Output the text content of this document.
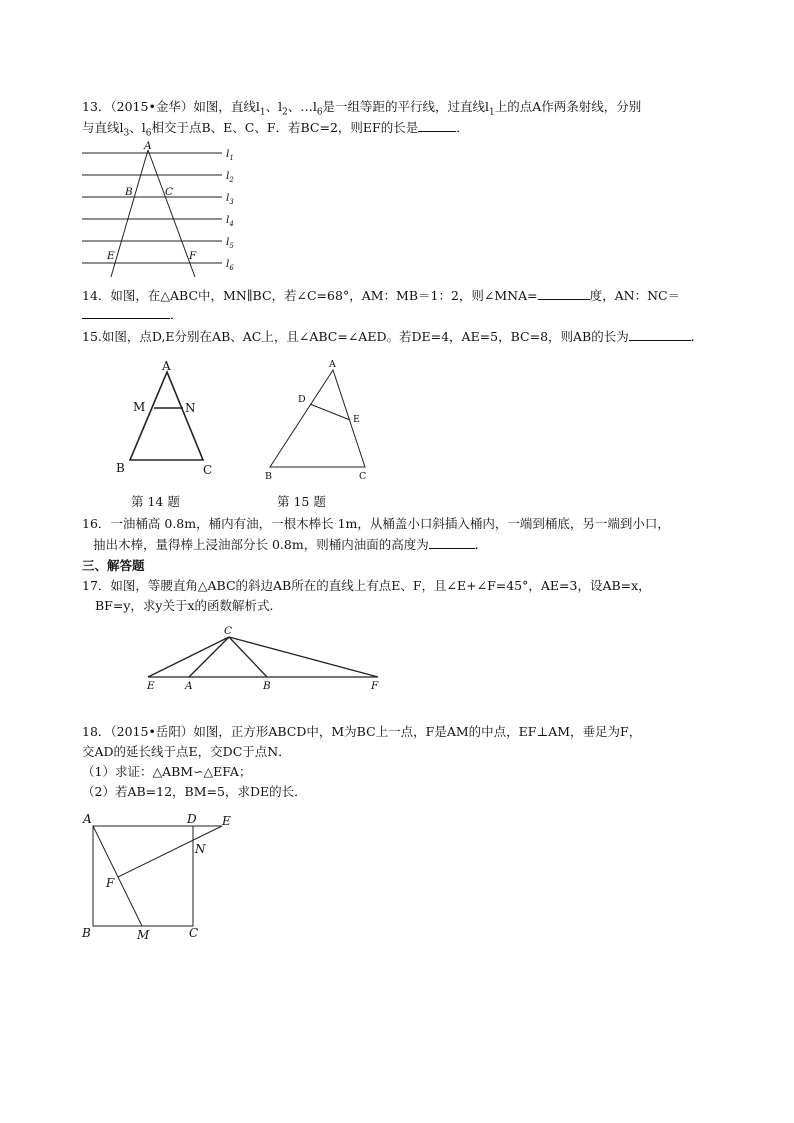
13．（2015•金华）如图，直线$l_1$、$l_2$、$\dots l_6$是一组等距的平行线，过直线$l_1$上的点A作两条射线，分别
与直线$l_3$、$l_6$相交于点B、E、C、F．若BC=2，则EF的长是	．
$l_1$
$l_2$
$l_3$
$l_4$
$l_5$
$l_6$
A
B	C
E	F
14．如图，在△ABC中，MN∥BC，若∠C=68°，AM：MB＝1：2，则∠MNA=	度，AN：NC＝
．
15.如图，点D,E分别在AB、AC上，且∠ABC=∠AED。若DE=4，AE=5，BC=8，则AB的长为	．
A
M	N
B	C
A
D
E
B	C
第 14 题	第 15 题
16．一油桶高 0.8m，桶内有油，一根木棒长 1m，从桶盖小口斜插入桶内，一端到桶底，另一端到小口，
抽出木棒，量得棒上浸油部分长 0.8m，则桶内油面的高度为	．
三、解答题
17．如图，等腰直角△ABC的斜边AB所在的直线上有点E、F，且∠E+∠F=45°，AE=3，设AB=x，
BF=y，求y关于x的函数解析式.
C
E	A	B	F
18．（2015•岳阳）如图，正方形ABCD中，M为BC上一点，F是AM的中点，EF⊥AM，垂足为F，
交AD的延长线于点E，交DC于点N．
（1）求证：△ABM∽△EFA；
（2）若AB=12，BM=5，求DE的长．
A	D E
N
F
B	M	C
